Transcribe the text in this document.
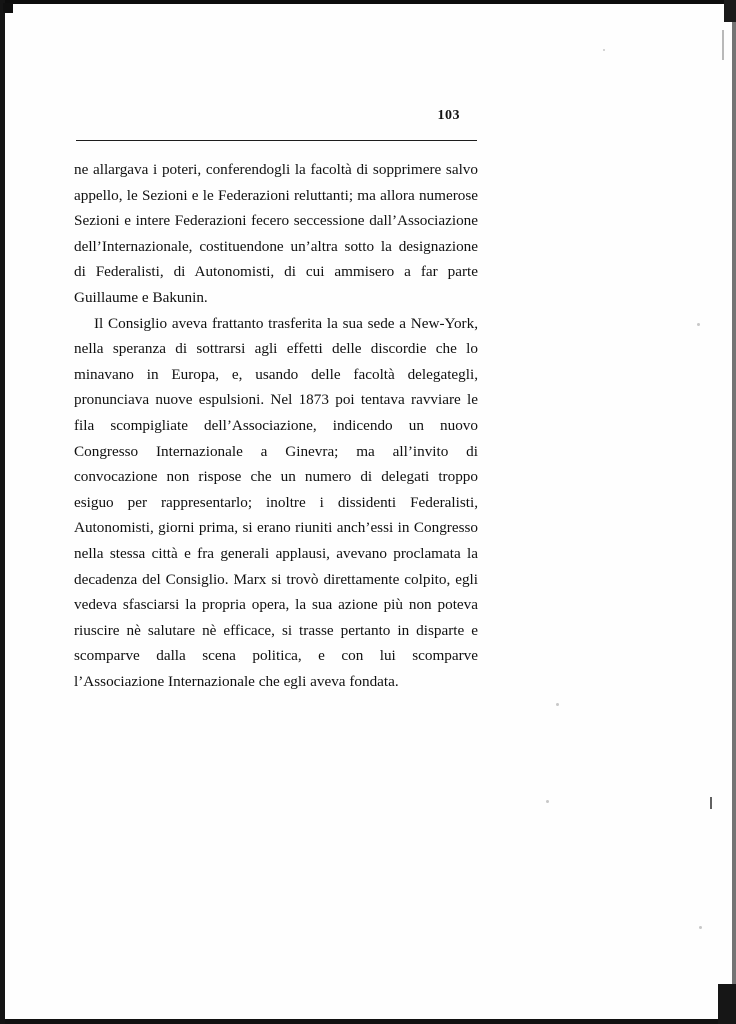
103

ne allargava i poteri, conferendogli la facoltà di sopprimere salvo appello, le Sezioni e le Federazioni reluttanti; ma allora numerose Sezioni e intere Federazioni fecero seccessione dall’Associazione dell’Internazionale, costituendone un’altra sotto la designazione di Federalisti, di Autonomisti, di cui ammisero a far parte Guillaume e Bakunin.

Il Consiglio aveva frattanto trasferita la sua sede a New-York, nella speranza di sottrarsi agli effetti delle discordie che lo minavano in Europa, e, usando delle facoltà delegategli, pronunciava nuove espulsioni. Nel 1873 poi tentava ravviare le fila scompigliate dell’Associazione, indicendo un nuovo Congresso Internazionale a Ginevra; ma all’invito di convocazione non rispose che un numero di delegati troppo esiguo per rappresentarlo; inoltre i dissidenti Federalisti, Autonomisti, giorni prima, si erano riuniti anch’essi in Congresso nella stessa città e fra generali applausi, avevano proclamata la decadenza del Consiglio. Marx si trovò direttamente colpito, egli vedeva sfasciarsi la propria opera, la sua azione più non poteva riuscire nè salutare nè efficace, si trasse pertanto in disparte e scomparve dalla scena politica, e con lui scomparve l’Associazione Internazionale che egli aveva fondata.
